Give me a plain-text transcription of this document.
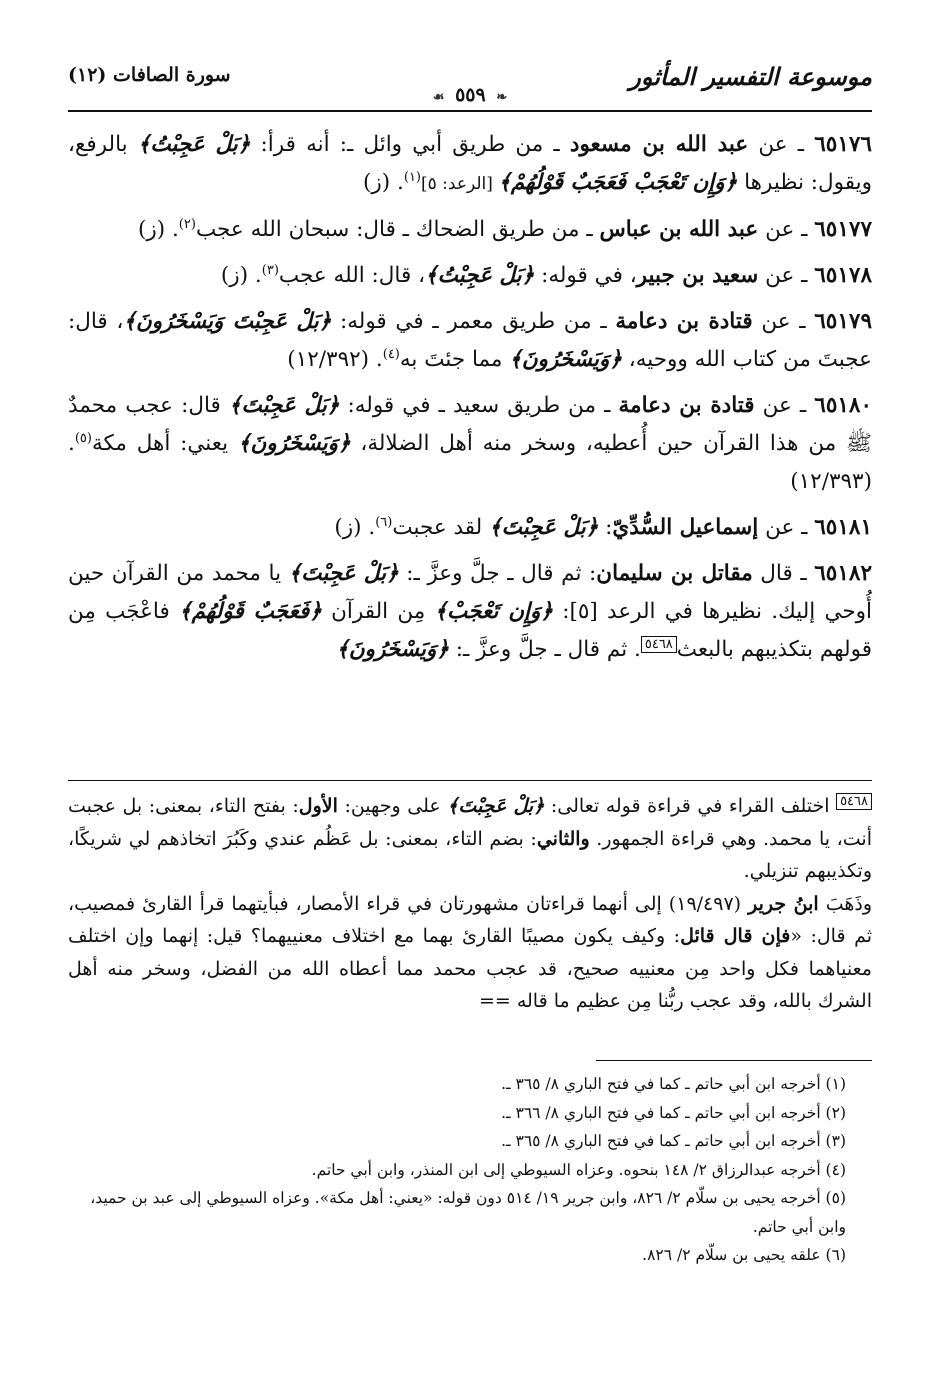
موسوعة التفسير المأثور
❧ ٥٥٩ ☙
سورة الصافات (١٢)

٦٥١٧٦ ـ عن عبد الله بن مسعود ـ من طريق أبي وائل ـ: أنه قرأ: ﴿بَلْ عَجِبْتُ﴾ بالرفع، ويقول: نظيرها ﴿وَإِن تَعْجَبْ فَعَجَبٌ قَوْلُهُمْ﴾ [الرعد: ٥]$^{(١)}$. (ز)

٦٥١٧٧ ـ عن عبد الله بن عباس ـ من طريق الضحاك ـ قال: سبحان الله عجب$^{(٢)}$. (ز)

٦٥١٧٨ ـ عن سعيد بن جبير، في قوله: ﴿بَلْ عَجِبْتُ﴾، قال: الله عجب$^{(٣)}$. (ز)

٦٥١٧٩ ـ عن قتادة بن دعامة ـ من طريق معمر ـ في قوله: ﴿بَلْ عَجِبْتَ وَيَسْخَرُونَ﴾، قال: عجبتَ من كتاب الله ووحيه، ﴿وَيَسْخَرُونَ﴾ مما جئتَ به$^{(٤)}$. (١٢/٣٩٢)

٦٥١٨٠ ـ عن قتادة بن دعامة ـ من طريق سعيد ـ في قوله: ﴿بَلْ عَجِبْتَ﴾ قال: عجب محمدٌ ﷺ من هذا القرآن حين أُعطيه، وسخر منه أهل الضلالة، ﴿وَيَسْخَرُونَ﴾ يعني: أهل مكة$^{(٥)}$. (١٢/٣٩٣)

٦٥١٨١ ـ عن إسماعيل السُّدِّيّ: ﴿بَلْ عَجِبْتَ﴾ لقد عجبت$^{(٦)}$. (ز)

٦٥١٨٢ ـ قال مقاتل بن سليمان: ثم قال ـ جلَّ وعزَّ ـ: ﴿بَلْ عَجِبْتَ﴾ يا محمد من القرآن حين أُوحي إليك. نظيرها في الرعد [٥]: ﴿وَإِن تَعْجَبْ﴾ مِن القرآن ﴿فَعَجَبٌ قَوْلُهُمْ﴾ فاعْجَب مِن قولهم بتكذيبهم بالبعث٥٤٦٨. ثم قال ـ جلَّ وعزَّ ـ: ﴿وَيَسْخَرُونَ﴾

٥٤٦٨ اختلف القراء في قراءة قوله تعالى: ﴿بَلْ عَجِبْتَ﴾ على وجهين: الأول: بفتح التاء، بمعنى: بل عجبت أنت، يا محمد. وهي قراءة الجمهور. والثاني: بضم التاء، بمعنى: بل عَظُم عندي وكَبُرَ اتخاذهم لي شريكًا، وتكذيبهم تنزيلي.

وذَهَبَ ابنُ جرير (١٩/٤٩٧) إلى أنهما قراءتان مشهورتان في قراء الأمصار، فبأيتهما قرأ القارئ فمصيب، ثم قال: «فإن قال قائل: وكيف يكون مصيبًا القارئ بهما مع اختلاف معنييهما؟ قيل: إنهما وإن اختلف معنياهما فكل واحد مِن معنييه صحيح، قد عجب محمد مما أعطاه الله من الفضل، وسخر منه أهل الشرك بالله، وقد عجب ربُّنا مِن عظيم ما قاله ==

(١) أخرجه ابن أبي حاتم ـ كما في فتح الباري ٨/ ٣٦٥ ـ.

(٢) أخرجه ابن أبي حاتم ـ كما في فتح الباري ٨/ ٣٦٦ ـ.

(٣) أخرجه ابن أبي حاتم ـ كما في فتح الباري ٨/ ٣٦٥ ـ.

(٤) أخرجه عبدالرزاق ٢/ ١٤٨ بنحوه. وعزاه السيوطي إلى ابن المنذر، وابن أبي حاتم.

(٥) أخرجه يحيى بن سلّام ٢/ ٨٢٦، وابن جرير ١٩/ ٥١٤ دون قوله: «يعني: أهل مكة». وعزاه السيوطي إلى عبد بن حميد، وابن أبي حاتم.

(٦) علقه يحيى بن سلّام ٢/ ٨٢٦.
